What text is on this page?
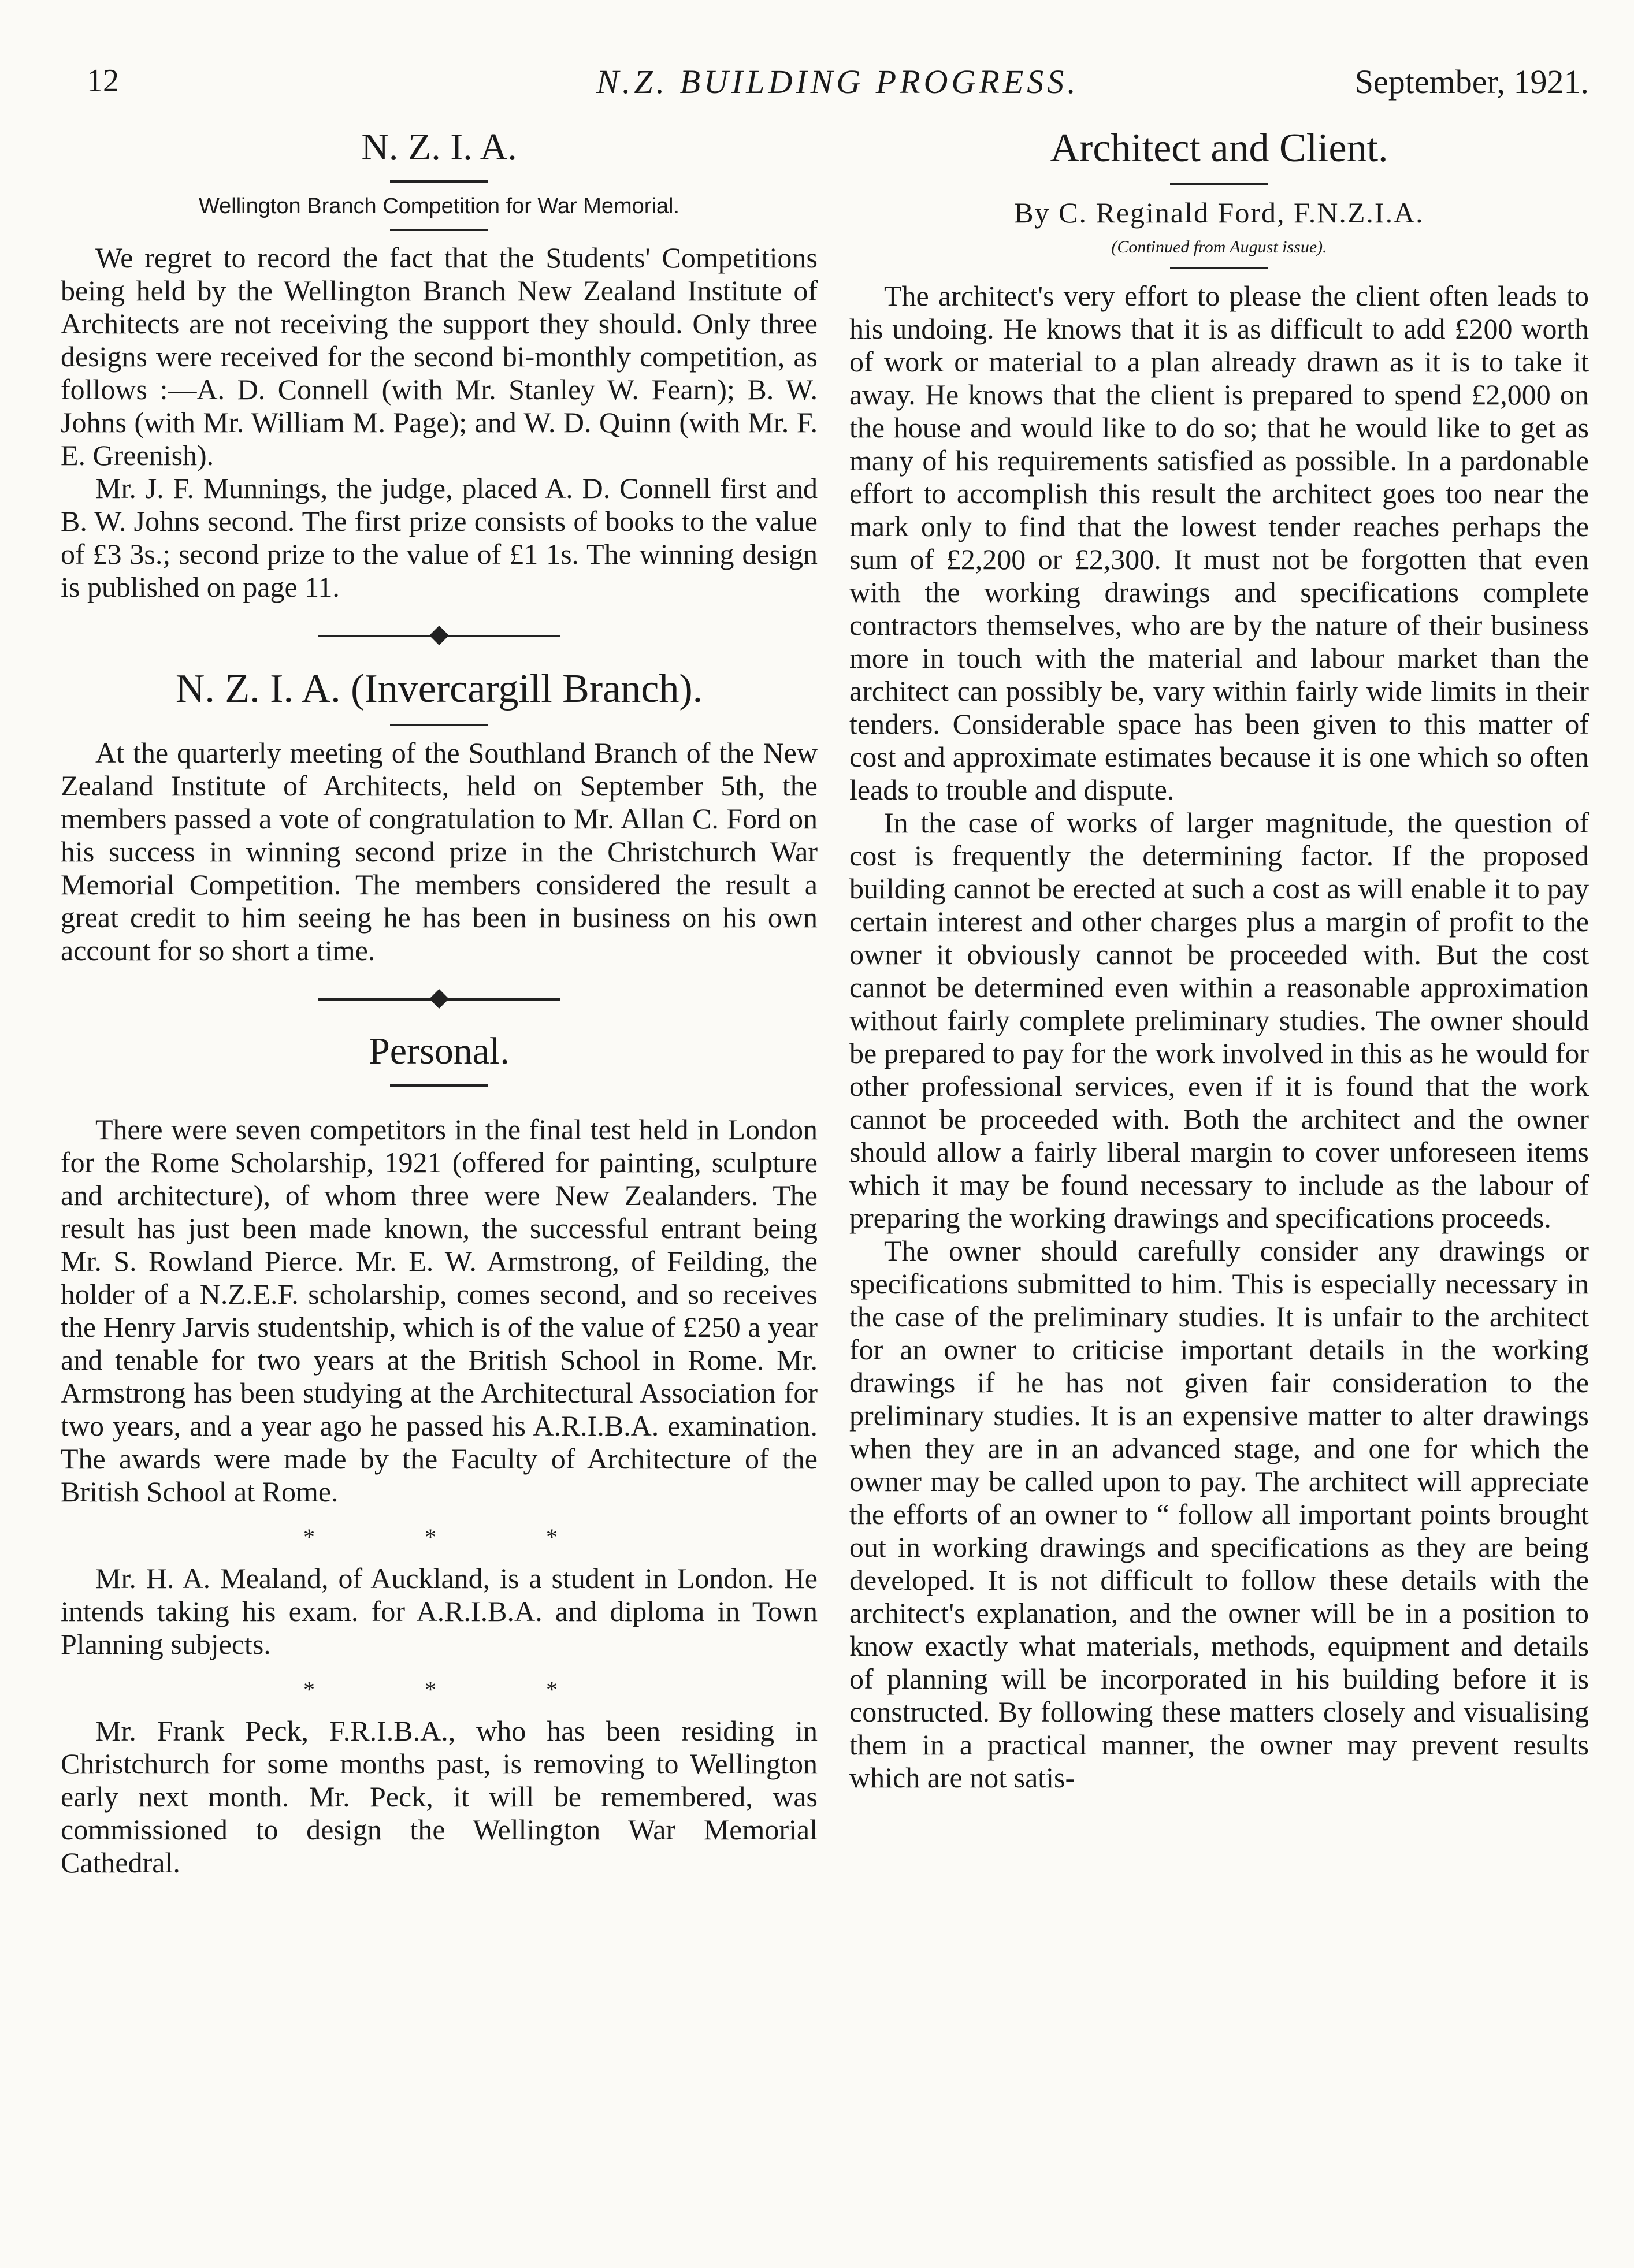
12	N.Z. BUILDING PROGRESS.	September, 1921.
N. Z. I. A.
Wellington Branch Competition for War Memorial.

We regret to record the fact that the Students' Competitions being held by the Wellington Branch New Zealand Institute of Architects are not receiving the support they should. Only three designs were received for the second bi-monthly competition, as follows :—A. D. Connell (with Mr. Stanley W. Fearn); B. W. Johns (with Mr. William M. Page); and W. D. Quinn (with Mr. F. E. Greenish).

Mr. J. F. Munnings, the judge, placed A. D. Connell first and B. W. Johns second. The first prize consists of books to the value of £3 3s.; second prize to the value of £1 1s. The winning design is published on page 11.

N. Z. I. A. (Invercargill Branch).

At the quarterly meeting of the Southland Branch of the New Zealand Institute of Architects, held on September 5th, the members passed a vote of congratulation to Mr. Allan C. Ford on his success in winning second prize in the Christchurch War Memorial Competition. The members considered the result a great credit to him seeing he has been in business on his own account for so short a time.

Personal.

There were seven competitors in the final test held in London for the Rome Scholarship, 1921 (offered for painting, sculpture and architecture), of whom three were New Zealanders. The result has just been made known, the successful entrant being Mr. S. Rowland Pierce. Mr. E. W. Armstrong, of Feilding, the holder of a N.Z.E.F. scholarship, comes second, and so receives the Henry Jarvis studentship, which is of the value of £250 a year and tenable for two years at the British School in Rome. Mr. Armstrong has been studying at the Architectural Association for two years, and a year ago he passed his A.R.I.B.A. examination. The awards were made by the Faculty of Architecture of the British School at Rome.

* * *

Mr. H. A. Mealand, of Auckland, is a student in London. He intends taking his exam. for A.R.I.B.A. and diploma in Town Planning subjects.

* * *

Mr. Frank Peck, F.R.I.B.A., who has been residing in Christchurch for some months past, is removing to Wellington early next month. Mr. Peck, it will be remembered, was commissioned to design the Wellington War Memorial Cathedral.

Architect and Client.
By C. Reginald Ford, F.N.Z.I.A.
(Continued from August issue).

The architect's very effort to please the client often leads to his undoing. He knows that it is as difficult to add £200 worth of work or material to a plan already drawn as it is to take it away. He knows that the client is prepared to spend £2,000 on the house and would like to do so; that he would like to get as many of his requirements satisfied as possible. In a pardonable effort to accomplish this result the architect goes too near the mark only to find that the lowest tender reaches perhaps the sum of £2,200 or £2,300. It must not be forgotten that even with the working drawings and specifications complete contractors themselves, who are by the nature of their business more in touch with the material and labour market than the architect can possibly be, vary within fairly wide limits in their tenders. Considerable space has been given to this matter of cost and approximate estimates because it is one which so often leads to trouble and dispute.

In the case of works of larger magnitude, the question of cost is frequently the determining factor. If the proposed building cannot be erected at such a cost as will enable it to pay certain interest and other charges plus a margin of profit to the owner it obviously cannot be proceeded with. But the cost cannot be determined even within a reasonable approximation without fairly complete preliminary studies. The owner should be prepared to pay for the work involved in this as he would for other professional services, even if it is found that the work cannot be proceeded with. Both the architect and the owner should allow a fairly liberal margin to cover unforeseen items which it may be found necessary to include as the labour of preparing the working drawings and specifications proceeds.

The owner should carefully consider any drawings or specifications submitted to him. This is especially necessary in the case of the preliminary studies. It is unfair to the architect for an owner to criticise important details in the working drawings if he has not given fair consideration to the preliminary studies. It is an expensive matter to alter drawings when they are in an advanced stage, and one for which the owner may be called upon to pay. The architect will appreciate the efforts of an owner to “ follow all important points brought out in working drawings and specifications as they are being developed. It is not difficult to follow these details with the architect's explanation, and the owner will be in a position to know exactly what materials, methods, equipment and details of planning will be incorporated in his building before it is constructed. By following these matters closely and visualising them in a practical manner, the owner may prevent results which are not satis-
